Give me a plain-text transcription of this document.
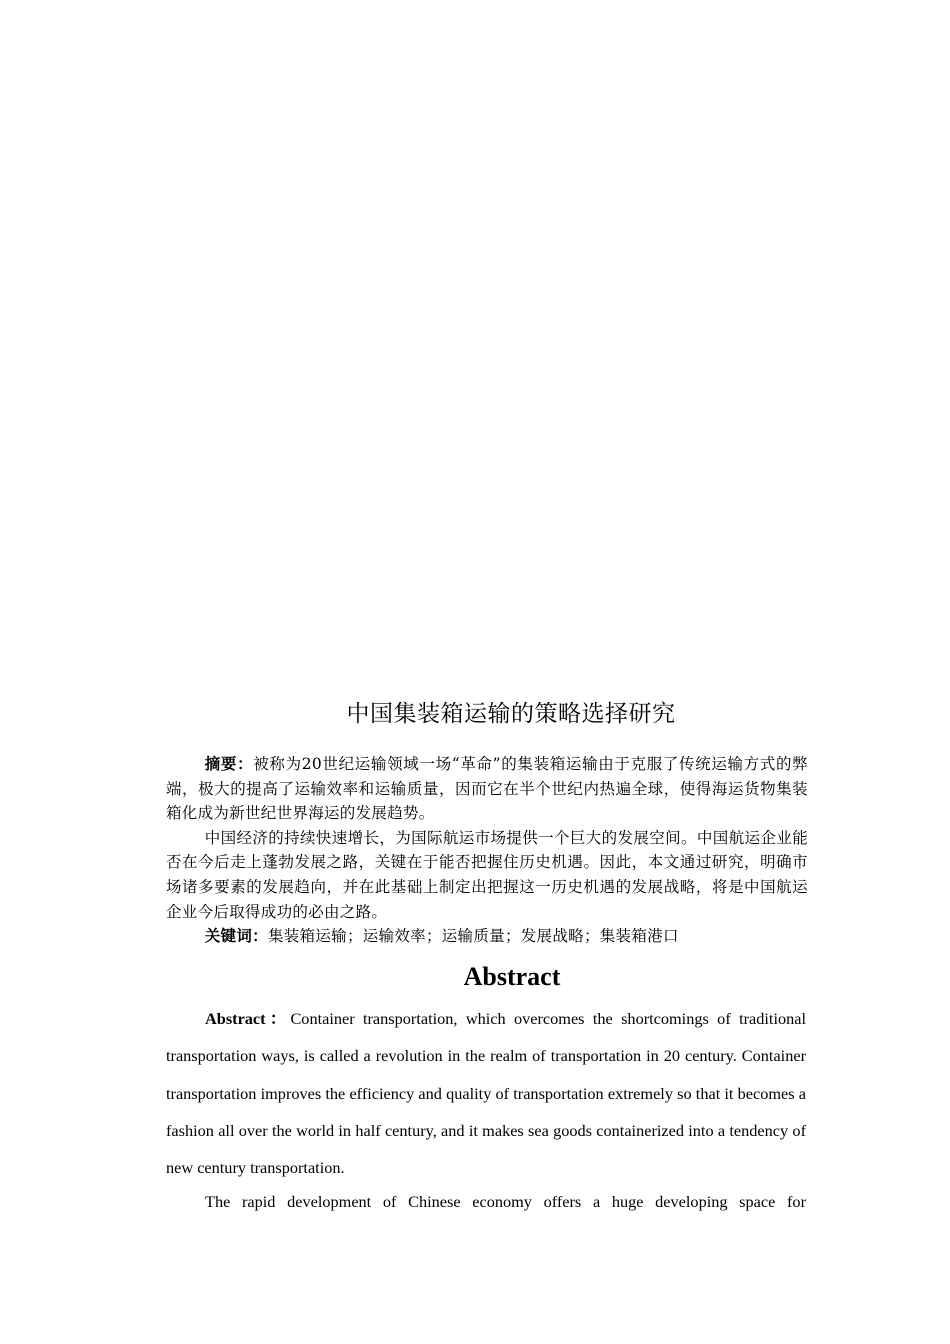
中国集装箱运输的策略选择研究

摘要：被称为20世纪运输领域一场“革命”的集装箱运输由于克服了传统运输方式的弊端，极大的提高了运输效率和运输质量，因而它在半个世纪内热遍全球，使得海运货物集装箱化成为新世纪世界海运的发展趋势。

中国经济的持续快速增长，为国际航运市场提供一个巨大的发展空间。中国航运企业能否在今后走上蓬勃发展之路，关键在于能否把握住历史机遇。因此，本文通过研究，明确市场诸多要素的发展趋向，并在此基础上制定出把握这一历史机遇的发展战略，将是中国航运企业今后取得成功的必由之路。

关键词：集装箱运输；运输效率；运输质量；发展战略；集装箱港口

Abstract

Abstract：Container transportation, which overcomes the shortcomings of traditional transportation ways, is called a revolution in the realm of transportation in 20 century. Container transportation improves the efficiency and quality of transportation extremely so that it becomes a fashion all over the world in half century, and it makes sea goods containerized into a tendency of new century transportation.

The rapid development of Chinese economy offers a huge developing space for
